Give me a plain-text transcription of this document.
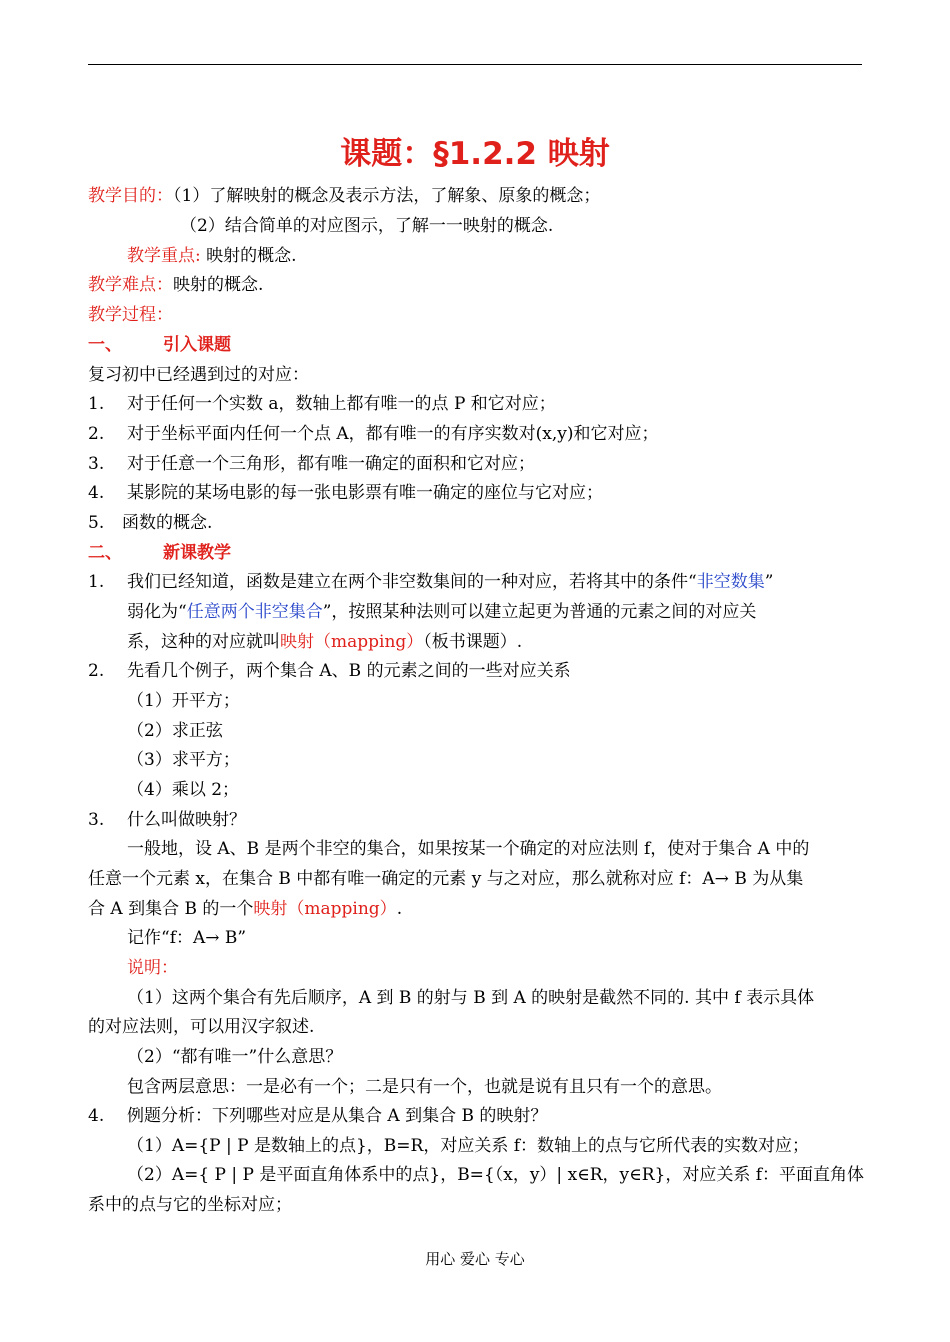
课题：§1.2.2 映射
教学目的：（1）了解映射的概念及表示方法，了解象、原象的概念；
（2）结合简单的对应图示，了解一一映射的概念.
教学重点: 映射的概念.
教学难点：映射的概念.
教学过程：
一、 引入课题
复习初中已经遇到过的对应：
1. 对于任何一个实数 a，数轴上都有唯一的点 P 和它对应；
2. 对于坐标平面内任何一个点 A，都有唯一的有序实数对(x,y)和它对应；
3. 对于任意一个三角形，都有唯一确定的面积和它对应；
4. 某影院的某场电影的每一张电影票有唯一确定的座位与它对应；
5. 函数的概念.
二、 新课教学
1. 我们已经知道，函数是建立在两个非空数集间的一种对应，若将其中的条件“非空数集”
弱化为“任意两个非空集合”，按照某种法则可以建立起更为普通的元素之间的对应关
系，这种的对应就叫映射（mapping）（板书课题）.
2. 先看几个例子，两个集合 A、B 的元素之间的一些对应关系
（1）开平方；
（2）求正弦
（3）求平方；
（4）乘以 2；
3. 什么叫做映射？
一般地，设 A、B 是两个非空的集合，如果按某一个确定的对应法则 f，使对于集合 A 中的
任意一个元素 x，在集合 B 中都有唯一确定的元素 y 与之对应，那么就称对应 f：A→ B 为从集
合 A 到集合 B 的一个映射（mapping）.
记作“f：A→ B”
说明：
（1）这两个集合有先后顺序，A 到 B 的射与 B 到 A 的映射是截然不同的. 其中 f 表示具体
的对应法则，可以用汉字叙述.
（2）“都有唯一”什么意思？
包含两层意思：一是必有一个；二是只有一个，也就是说有且只有一个的意思。
4. 例题分析：下列哪些对应是从集合 A 到集合 B 的映射？
（1）A={P | P 是数轴上的点}，B=R，对应关系 f：数轴上的点与它所代表的实数对应；
（2）A={ P | P 是平面直角体系中的点}，B={（x，y）| x∈R，y∈R}，对应关系 f：平面直角体
系中的点与它的坐标对应；
用心 爱心 专心
